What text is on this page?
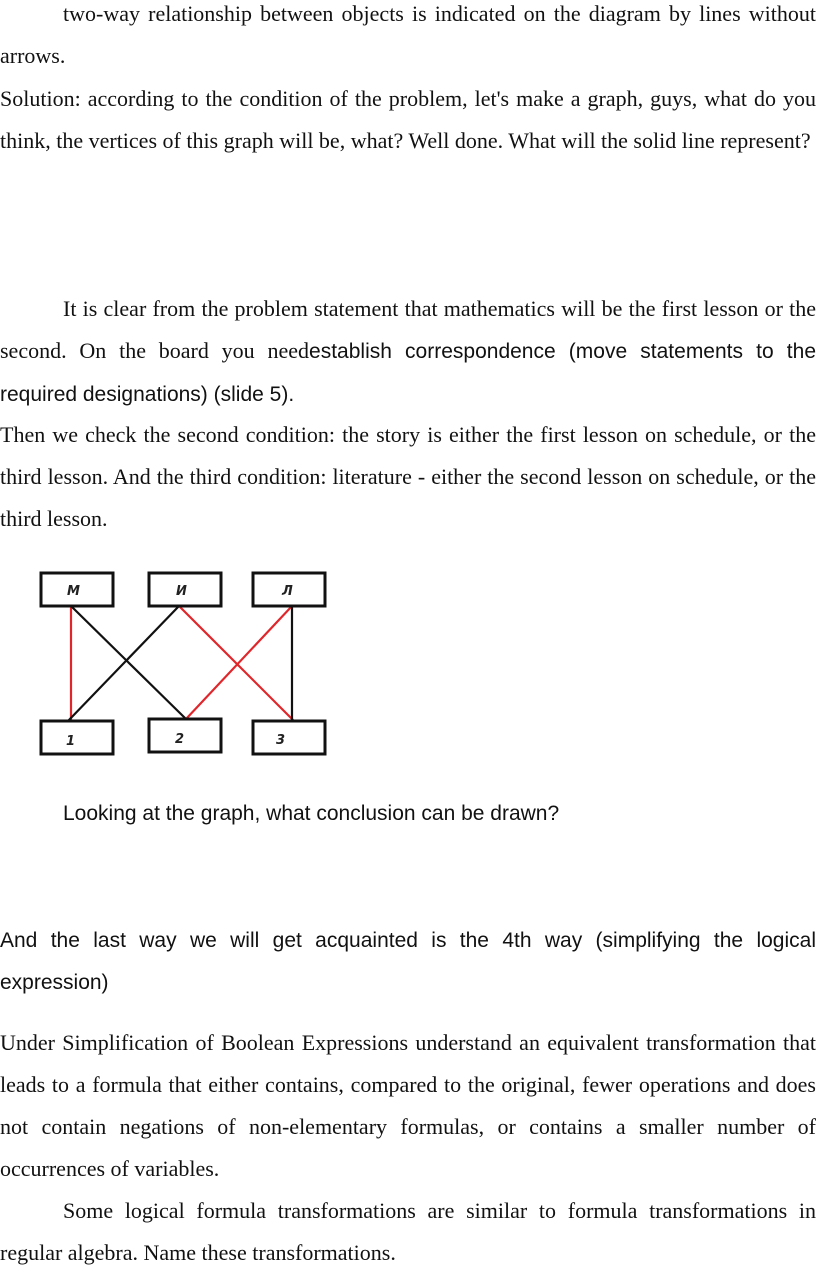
two-way relationship between objects is indicated on the diagram by lines without arrows.

Solution: according to the condition of the problem, let's make a graph, guys, what do you think, the vertices of this graph will be, what? Well done. What will the solid line represent?

It is clear from the problem statement that mathematics will be the first lesson or the second. On the board you needestablish correspondence (move statements to the required designations) (slide 5).

Then we check the second condition: the story is either the first lesson on schedule, or the third lesson. And the third condition: literature - either the second lesson on schedule, or the third lesson.

М	И	Л
1	2	3

Looking at the graph, what conclusion can be drawn?

And the last way we will get acquainted is the 4th way (simplifying the logical expression)

Under Simplification of Boolean Expressions understand an equivalent transformation that leads to a formula that either contains, compared to the original, fewer operations and does not contain negations of non-elementary formulas, or contains a smaller number of occurrences of variables.

Some logical formula transformations are similar to formula transformations in regular algebra. Name these transformations.
